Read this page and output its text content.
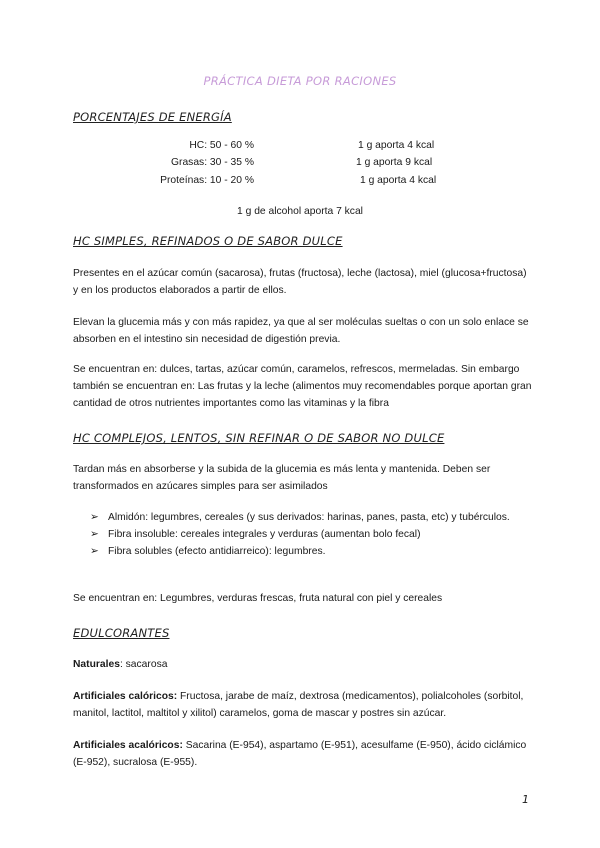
PRÁCTICA DIETA POR RACIONES
PORCENTAJES DE ENERGÍA
HC: 50 - 60 %	1 g aporta 4 kcal
Grasas: 30 - 35 %	1 g aporta 9 kcal
Proteínas: 10 - 20 %	1 g aporta 4 kcal
1 g de alcohol aporta 7 kcal
HC SIMPLES, REFINADOS O DE SABOR DULCE
Presentes en el azúcar común (sacarosa), frutas (fructosa), leche (lactosa), miel (glucosa+fructosa) y en los productos elaborados a partir de ellos.
Elevan la glucemia más y con más rapidez, ya que al ser moléculas sueltas o con un solo enlace se absorben en el intestino sin necesidad de digestión previa.
Se encuentran en: dulces, tartas, azúcar común, caramelos, refrescos, mermeladas. Sin embargo también se encuentran en: Las frutas y la leche (alimentos muy recomendables porque aportan gran cantidad de otros nutrientes importantes como las vitaminas y la fibra
HC COMPLEJOS, LENTOS, SIN REFINAR O DE SABOR NO DULCE
Tardan más en absorberse y la subida de la glucemia es más lenta y mantenida. Deben ser transformados en azúcares simples para ser asimilados
➢ Almidón: legumbres, cereales (y sus derivados: harinas, panes, pasta, etc) y tubérculos.
➢ Fibra insoluble: cereales integrales y verduras (aumentan bolo fecal)
➢ Fibra solubles (efecto antidiarreico): legumbres.
Se encuentran en: Legumbres, verduras frescas, fruta natural con piel y cereales
EDULCORANTES
Naturales: sacarosa
Artificiales calóricos: Fructosa, jarabe de maíz, dextrosa (medicamentos), polialcoholes (sorbitol, manitol, lactitol, maltitol y xilitol) caramelos, goma de mascar y postres sin azúcar.
Artificiales acalóricos: Sacarina (E-954), aspartamo (E-951), acesulfame (E-950), ácido ciclámico (E-952), sucralosa (E-955).
1
